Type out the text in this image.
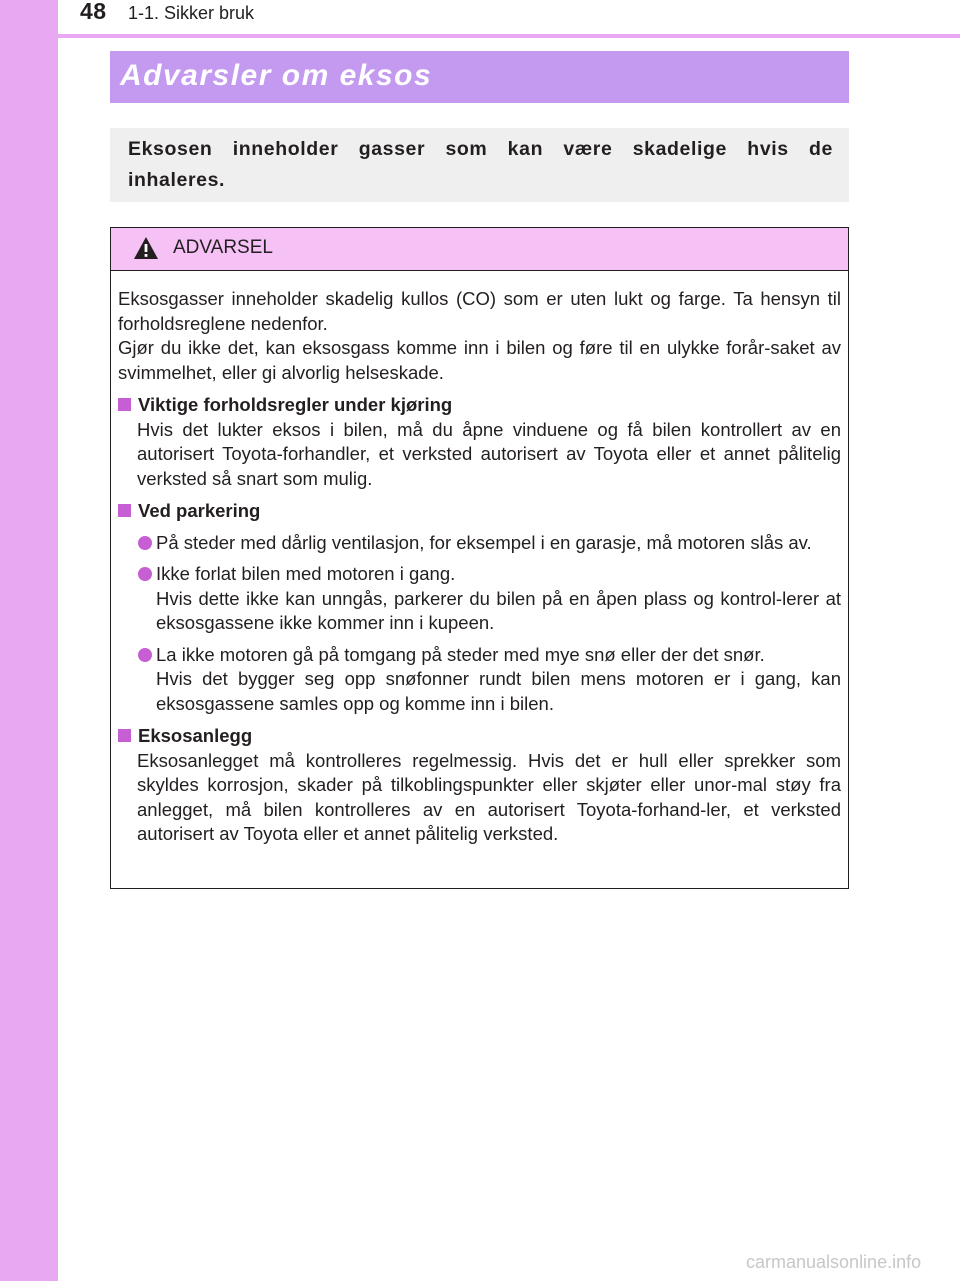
48 1-1. Sikker bruk
Advarsler om eksos

Eksosen inneholder gasser som kan være skadelige hvis de inhaleres.

ADVARSEL

Eksosgasser inneholder skadelig kullos (CO) som er uten lukt og farge. Ta hensyn til forholdsreglene nedenfor.

Gjør du ikke det, kan eksosgass komme inn i bilen og føre til en ulykke forår-saket av svimmelhet, eller gi alvorlig helseskade.

Viktige forholdsregler under kjøring

Hvis det lukter eksos i bilen, må du åpne vinduene og få bilen kontrollert av en autorisert Toyota-forhandler, et verksted autorisert av Toyota eller et annet pålitelig verksted så snart som mulig.

Ved parkering

På steder med dårlig ventilasjon, for eksempel i en garasje, må motoren slås av.

Ikke forlat bilen med motoren i gang.

Hvis dette ikke kan unngås, parkerer du bilen på en åpen plass og kontrol-lerer at eksosgassene ikke kommer inn i kupeen.

La ikke motoren gå på tomgang på steder med mye snø eller der det snør.

Hvis det bygger seg opp snøfonner rundt bilen mens motoren er i gang, kan eksosgassene samles opp og komme inn i bilen.

Eksosanlegg

Eksosanlegget må kontrolleres regelmessig. Hvis det er hull eller sprekker som skyldes korrosjon, skader på tilkoblingspunkter eller skjøter eller unor-mal støy fra anlegget, må bilen kontrolleres av en autorisert Toyota-forhand-ler, et verksted autorisert av Toyota eller et annet pålitelig verksted.

carmanualsonline.info
